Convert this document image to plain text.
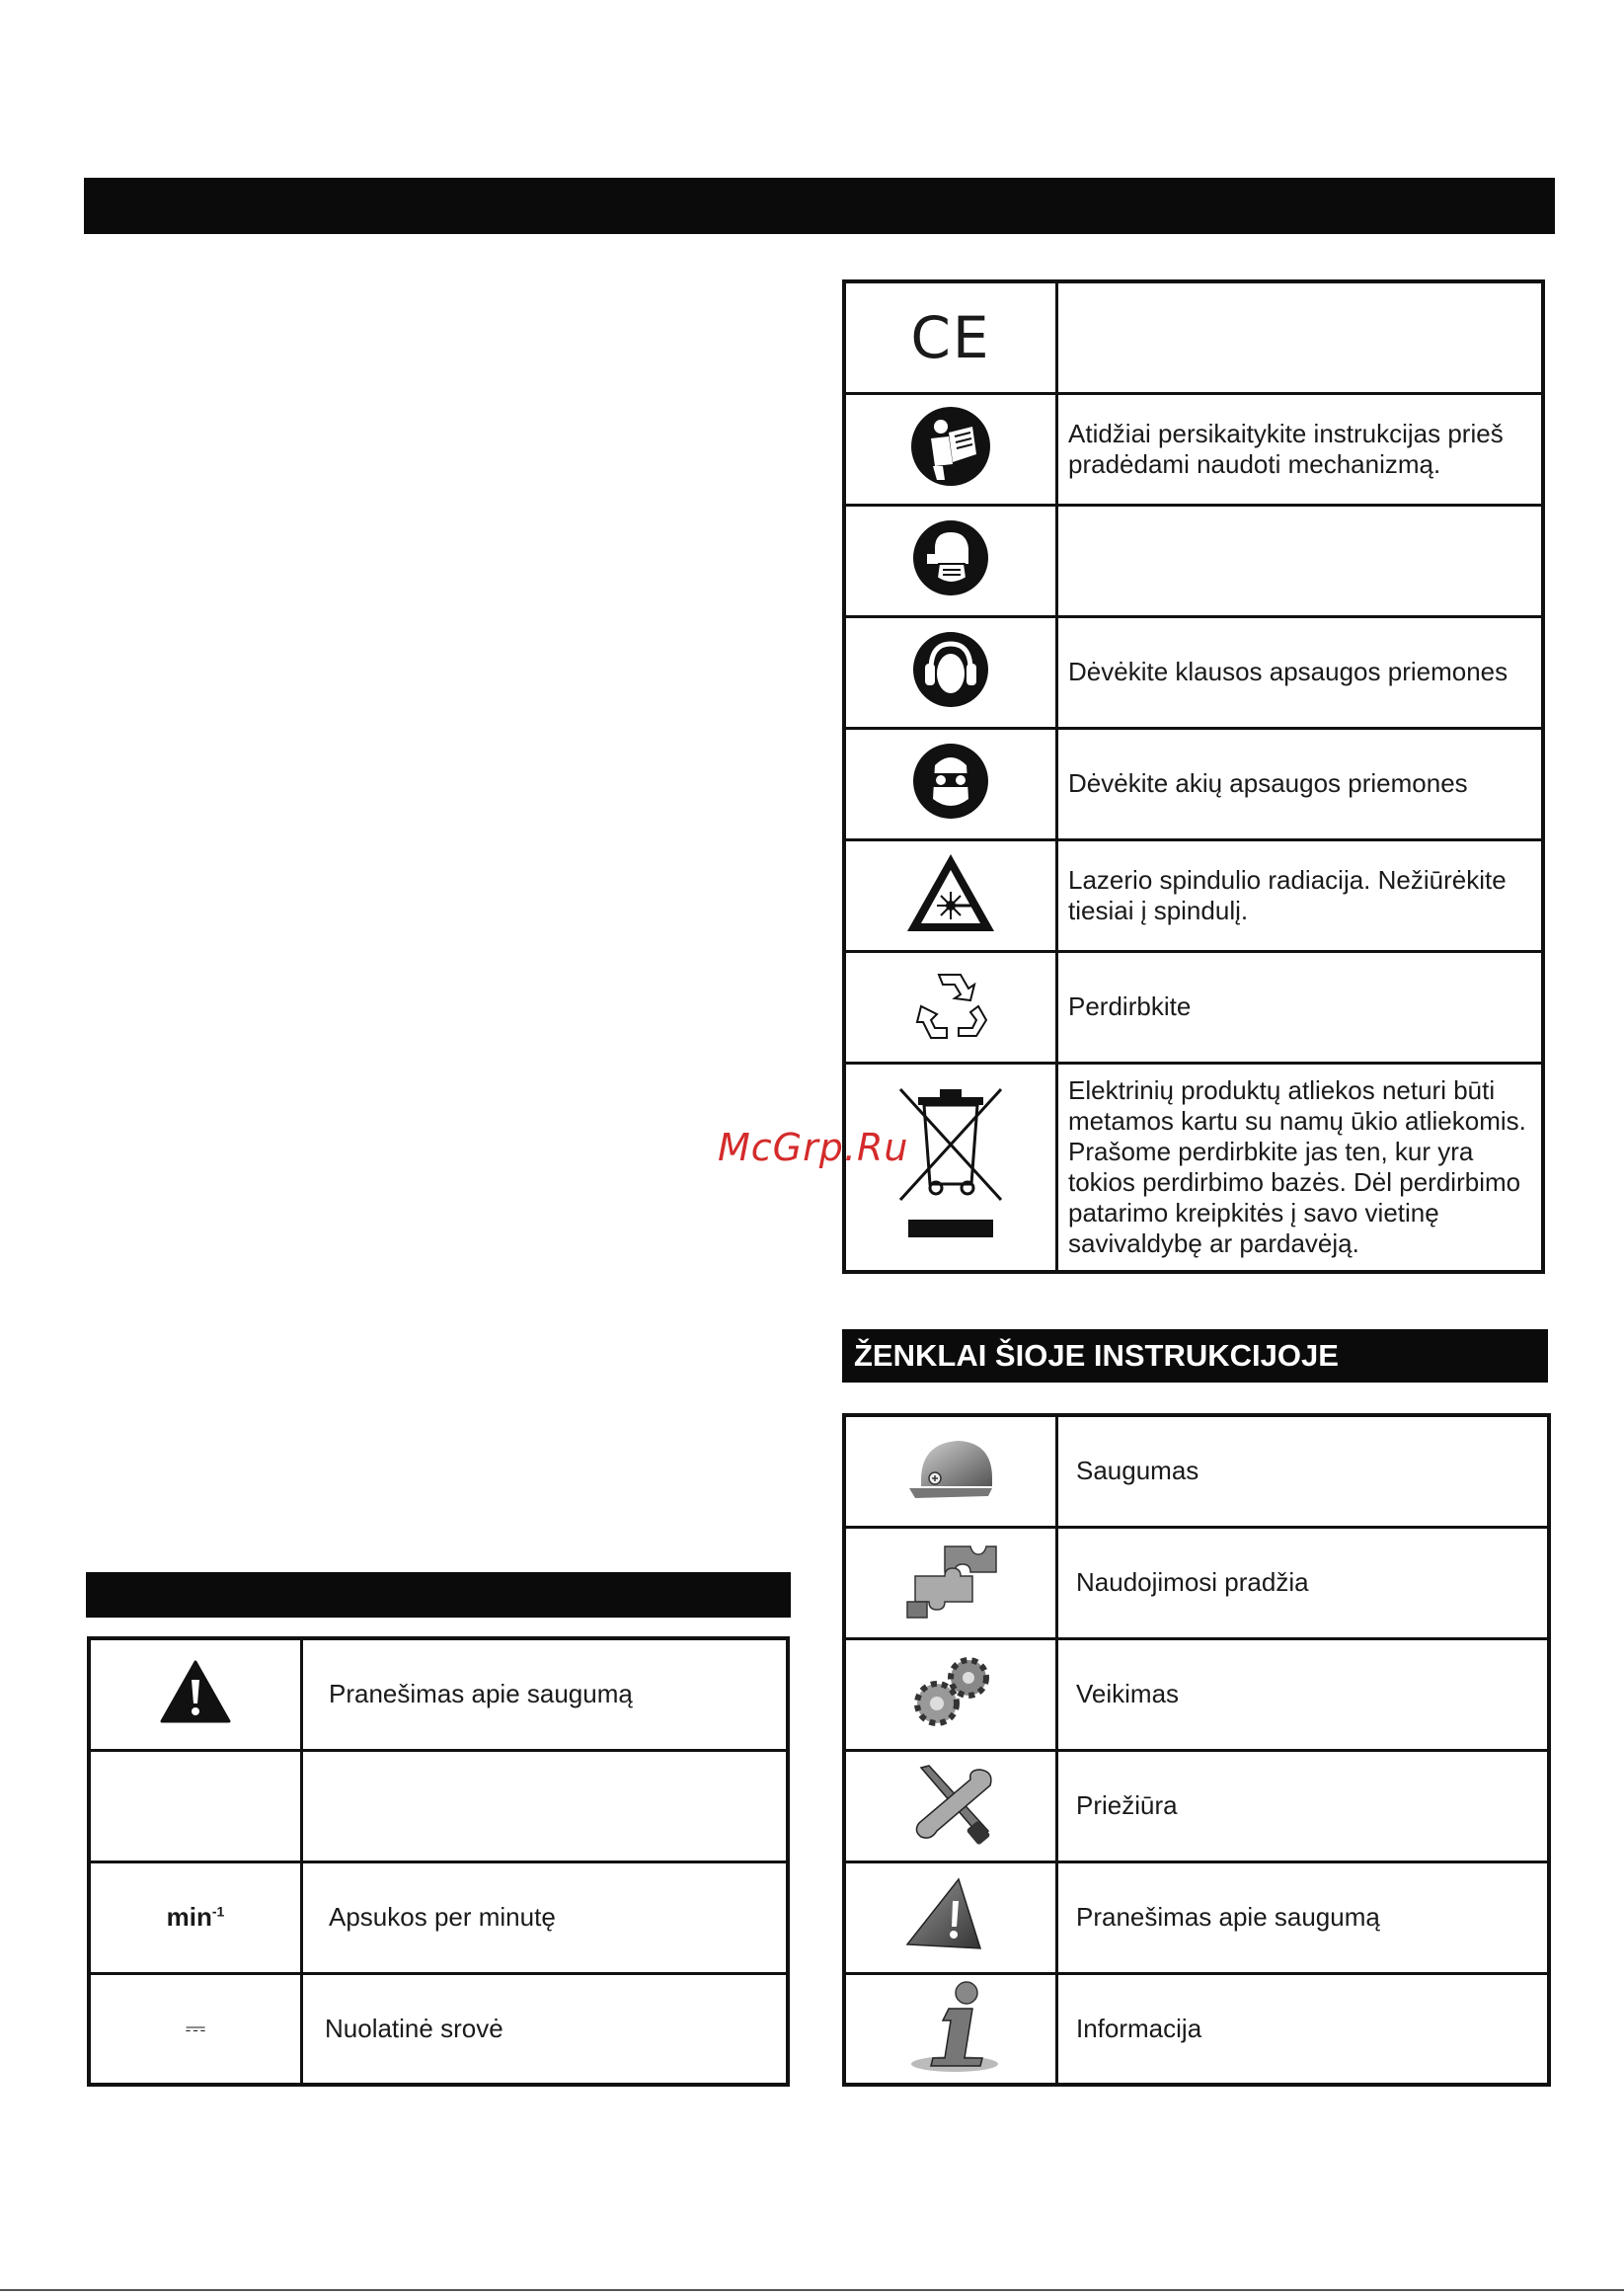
CE	
	Atidžiai persikaitykite instrukcijas prieš pradėdami naudoti mechanizmą.

	Dėvėkite klausos apsaugos priemones
	Dėvėkite akių apsaugos priemones
	Lazerio spindulio radiacija. Nežiūrėkite tiesiai į spindulį.
	Perdirbkite
	Elektrinių produktų atliekos neturi būti metamos kartu su namų ūkio atliekomis. Prašome perdirbkite jas ten, kur yra tokios perdirbimo bazės. Dėl perdirbimo patarimo kreipkitės į savo vietinę savivaldybę ar pardavėją.
McGrp.Ru
ŽENKLAI ŠIOJE INSTRUKCIJOJE
	Saugumas
	Naudojimosi pradžia
	Veikimas
	Priežiūra
	Pranešimas apie saugumą
	Informacija
	Pranešimas apie saugumą

$\min^{-1}$	Apsukos per minutę
⎓	Nuolatinė srovė
